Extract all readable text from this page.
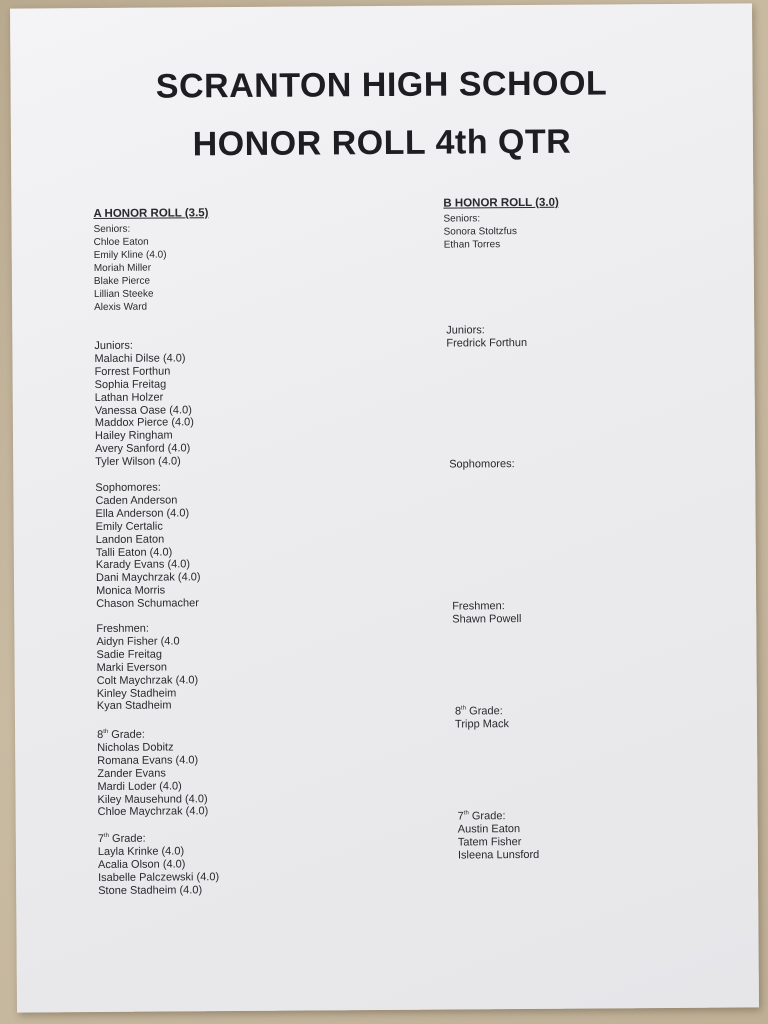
SCRANTON HIGH SCHOOL
HONOR ROLL 4th QTR
A HONOR ROLL (3.5)
Seniors:
Chloe Eaton
Emily Kline (4.0)
Moriah Miller
Blake Pierce
Lillian Steeke
Alexis Ward
Juniors:
Malachi Dilse (4.0)
Forrest Forthun
Sophia Freitag
Lathan Holzer
Vanessa Oase (4.0)
Maddox Pierce (4.0)
Hailey Ringham
Avery Sanford (4.0)
Tyler Wilson (4.0)
Sophomores:
Caden Anderson
Ella Anderson (4.0)
Emily Certalic
Landon Eaton
Talli Eaton (4.0)
Karady Evans (4.0)
Dani Maychrzak (4.0)
Monica Morris
Chason Schumacher
Freshmen:
Aidyn Fisher (4.0
Sadie Freitag
Marki Everson
Colt Maychrzak (4.0)
Kinley Stadheim
Kyan Stadheim
8th Grade:
Nicholas Dobitz
Romana Evans (4.0)
Zander Evans
Mardi Loder (4.0)
Kiley Mausehund (4.0)
Chloe Maychrzak (4.0)
7th Grade:
Layla Krinke (4.0)
Acalia Olson (4.0)
Isabelle Palczewski (4.0)
Stone Stadheim (4.0)
B HONOR ROLL (3.0)
Seniors:
Sonora Stoltzfus
Ethan Torres
Juniors:
Fredrick Forthun
Sophomores:
Freshmen:
Shawn Powell
8th Grade:
Tripp Mack
7th Grade:
Austin Eaton
Tatem Fisher
Isleena Lunsford
